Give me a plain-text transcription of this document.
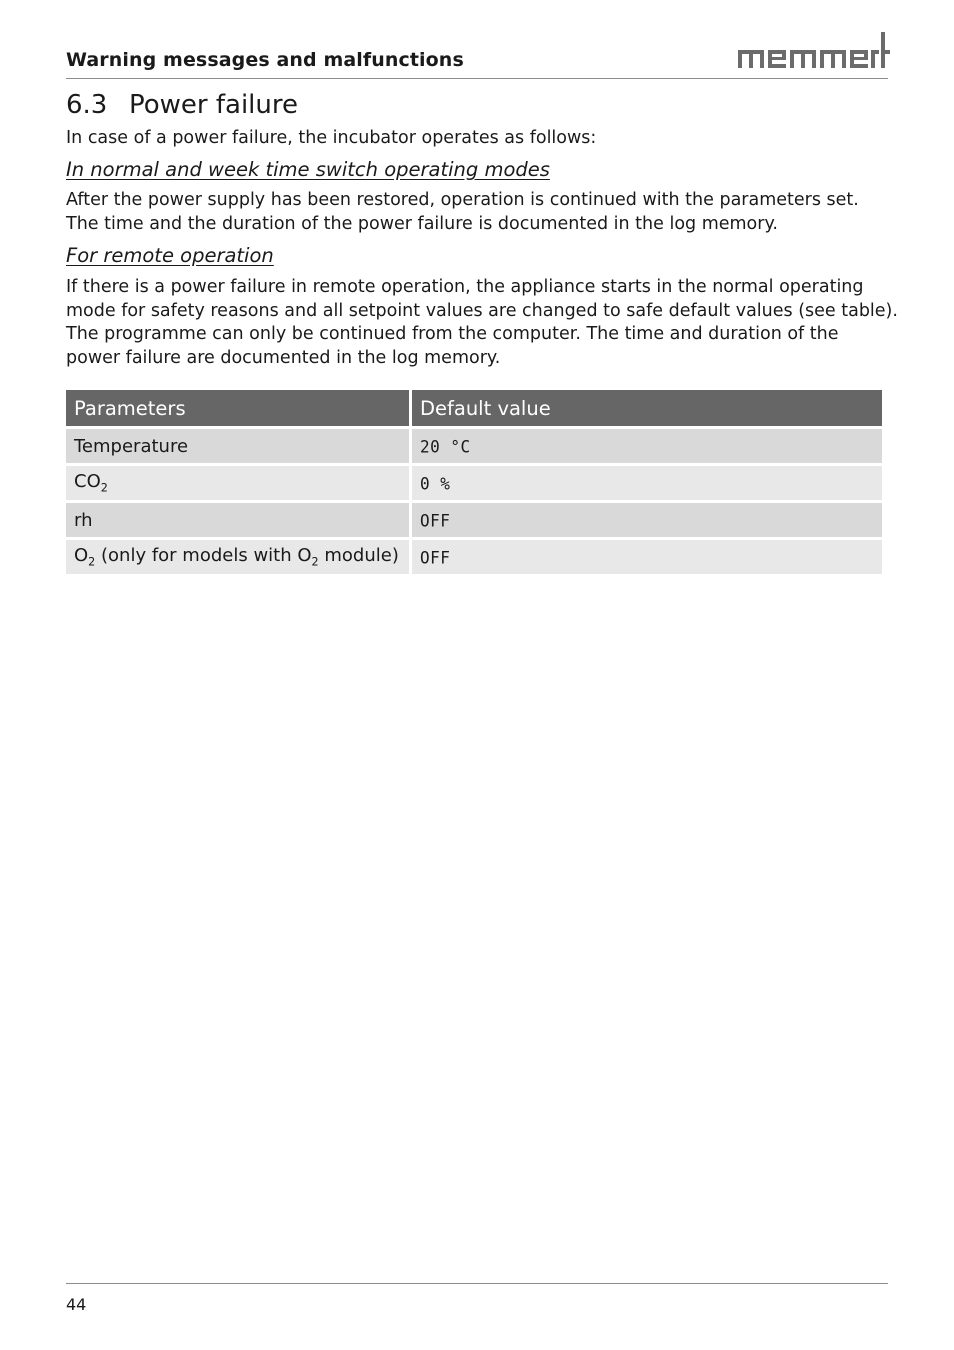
Warning messages and malfunctions
6.3 Power failure
In case of a power failure, the incubator operates as follows:
In normal and week time switch operating modes
After the power supply has been restored, operation is continued with the parameters set. The time and the duration of the power failure is documented in the log memory.
For remote operation
If there is a power failure in remote operation, the appliance starts in the normal operating
mode for safety reasons and all setpoint values are changed to safe default values (see table).
The programme can only be continued from the computer. The time and duration of the
power failure are documented in the log memory.
Parameters	Default value
Temperature	20 °C
$CO_2$	0 %
rh	OFF
$O_2$ (only for models with $O_2$ module)	OFF
44
